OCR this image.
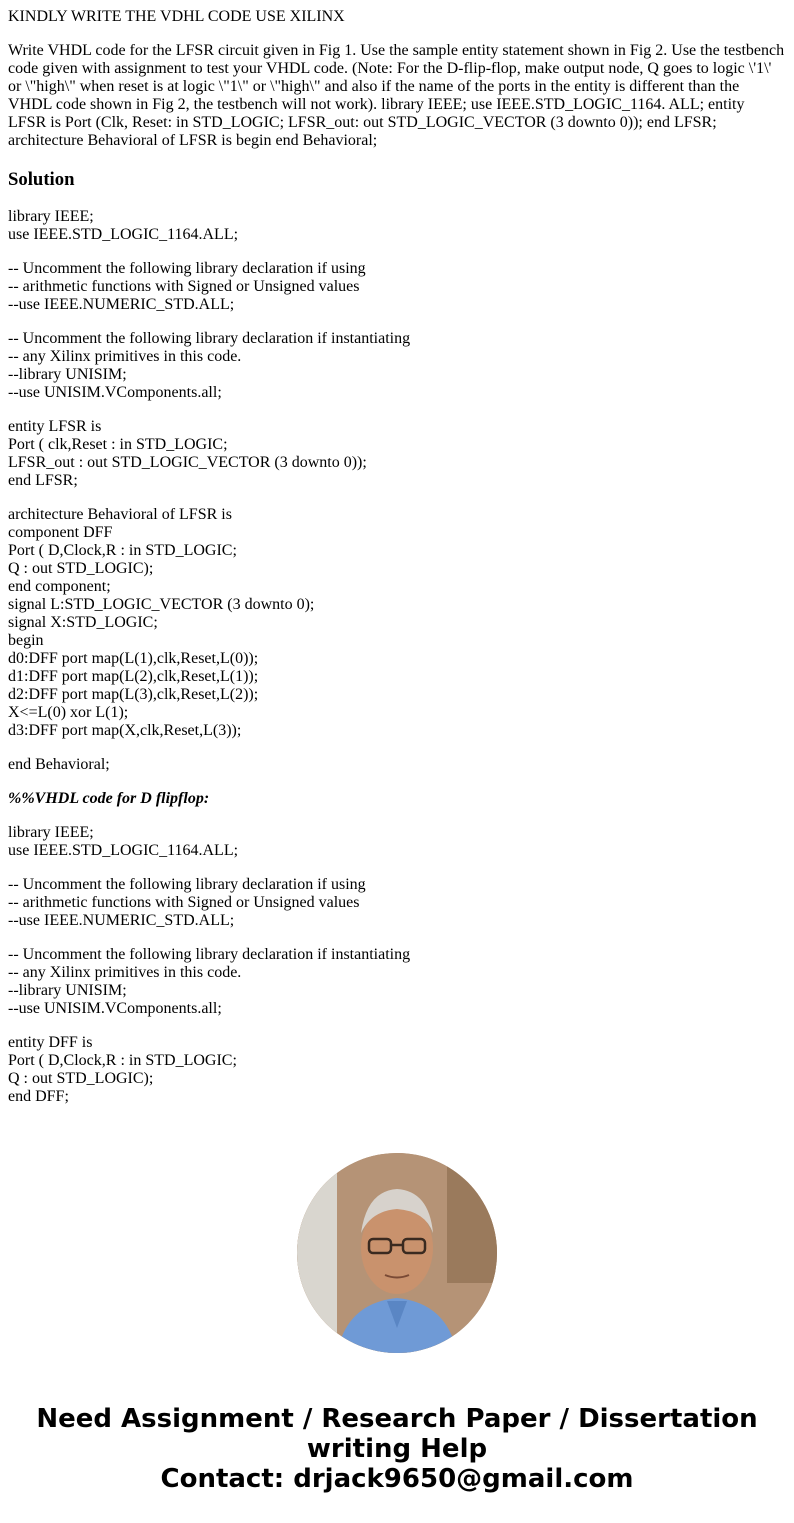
KINDLY WRITE THE VDHL CODE USE XILINX
Write VHDL code for the LFSR circuit given in Fig 1. Use the sample entity statement shown in Fig 2. Use the testbench code given with assignment to test your VHDL code. (Note: For the D-flip-flop, make output node, Q goes to logic \'1\' or \"high\" when reset is at logic \"1\" or \"high\" and also if the name of the ports in the entity is different than the VHDL code shown in Fig 2, the testbench will not work). library IEEE; use IEEE.STD_LOGIC_1164. ALL; entity LFSR is Port (Clk, Reset: in STD_LOGIC; LFSR_out: out STD_LOGIC_VECTOR (3 downto 0)); end LFSR; architecture Behavioral of LFSR is begin end Behavioral;
Solution
library IEEE;
use IEEE.STD_LOGIC_1164.ALL;
-- Uncomment the following library declaration if using
-- arithmetic functions with Signed or Unsigned values
--use IEEE.NUMERIC_STD.ALL;
-- Uncomment the following library declaration if instantiating
-- any Xilinx primitives in this code.
--library UNISIM;
--use UNISIM.VComponents.all;
entity LFSR is
Port ( clk,Reset : in STD_LOGIC;
LFSR_out : out STD_LOGIC_VECTOR (3 downto 0));
end LFSR;
architecture Behavioral of LFSR is
component DFF
Port ( D,Clock,R : in STD_LOGIC;
Q : out STD_LOGIC);
end component;
signal L:STD_LOGIC_VECTOR (3 downto 0);
signal X:STD_LOGIC;
begin
d0:DFF port map(L(1),clk,Reset,L(0));
d1:DFF port map(L(2),clk,Reset,L(1));
d2:DFF port map(L(3),clk,Reset,L(2));
X<=L(0) xor L(1);
d3:DFF port map(X,clk,Reset,L(3));
end Behavioral;
%%VHDL code for D flipflop:
library IEEE;
use IEEE.STD_LOGIC_1164.ALL;
-- Uncomment the following library declaration if using
-- arithmetic functions with Signed or Unsigned values
--use IEEE.NUMERIC_STD.ALL;
-- Uncomment the following library declaration if instantiating
-- any Xilinx primitives in this code.
--library UNISIM;
--use UNISIM.VComponents.all;
entity DFF is
Port ( D,Clock,R : in STD_LOGIC;
Q : out STD_LOGIC);
end DFF;
Need Assignment / Research Paper / Dissertation
writing Help
Contact: drjack9650@gmail.com
